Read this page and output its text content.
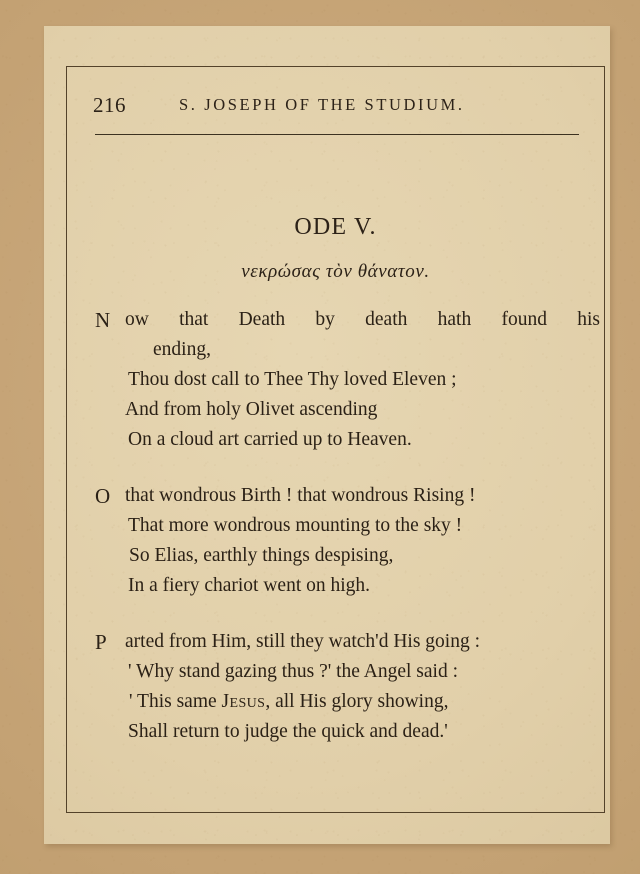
216	S. JOSEPH OF THE STUDIUM.
ODE V.
νεκρώσας τὸν θάνατον.
N ow that Death by death hath found his
ending,
Thou dost call to Thee Thy loved Eleven ;
And from holy Olivet ascending
On a cloud art carried up to Heaven.
O that wondrous Birth ! that wondrous Rising !
That more wondrous mounting to the sky !
So Elias, earthly things despising,
In a fiery chariot went on high.
P arted from Him, still they watch'd His going :
' Why stand gazing thus ?' the Angel said :
' This same Jesus, all His glory showing,
Shall return to judge the quick and dead.'
